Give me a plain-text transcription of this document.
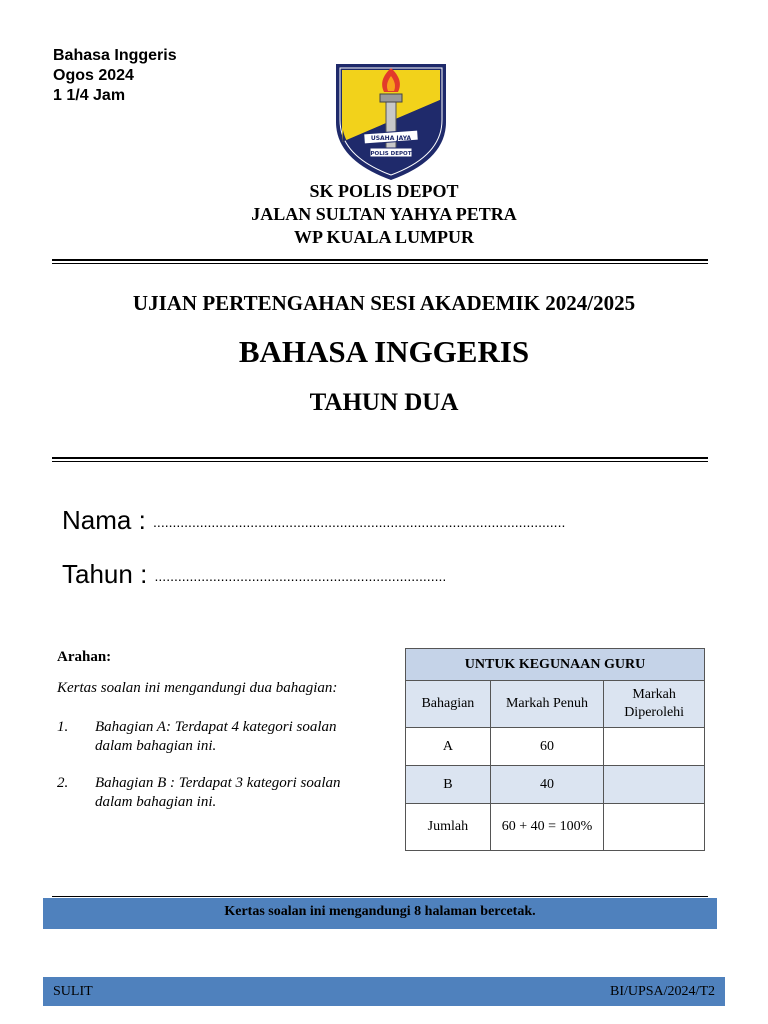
Bahasa Inggeris
Ogos 2024
1 1/4 Jam
USAHA JAYA
POLIS DEPOT
SK POLIS DEPOT
JALAN SULTAN YAHYA PETRA
WP KUALA LUMPUR
UJIAN PERTENGAHAN SESI AKADEMIK 2024/2025
BAHASA INGGERIS
TAHUN DUA
Nama : ..........................................................................................................
Tahun : ...........................................................................
Arahan:
Kertas soalan ini mengandungi dua bahagian:
1.	Bahagian A: Terdapat 4 kategori soalan dalam bahagian ini.
2.	Bahagian B : Terdapat 3 kategori soalan dalam bahagian ini.
UNTUK KEGUNAAN GURU		
Bahagian	Markah Penuh	Markah Diperolehi
A	60	
B	40	
Jumlah	60 + 40 = 100%	
Kertas soalan ini mengandungi 8 halaman bercetak.
SULIT	BI/UPSA/2024/T2
